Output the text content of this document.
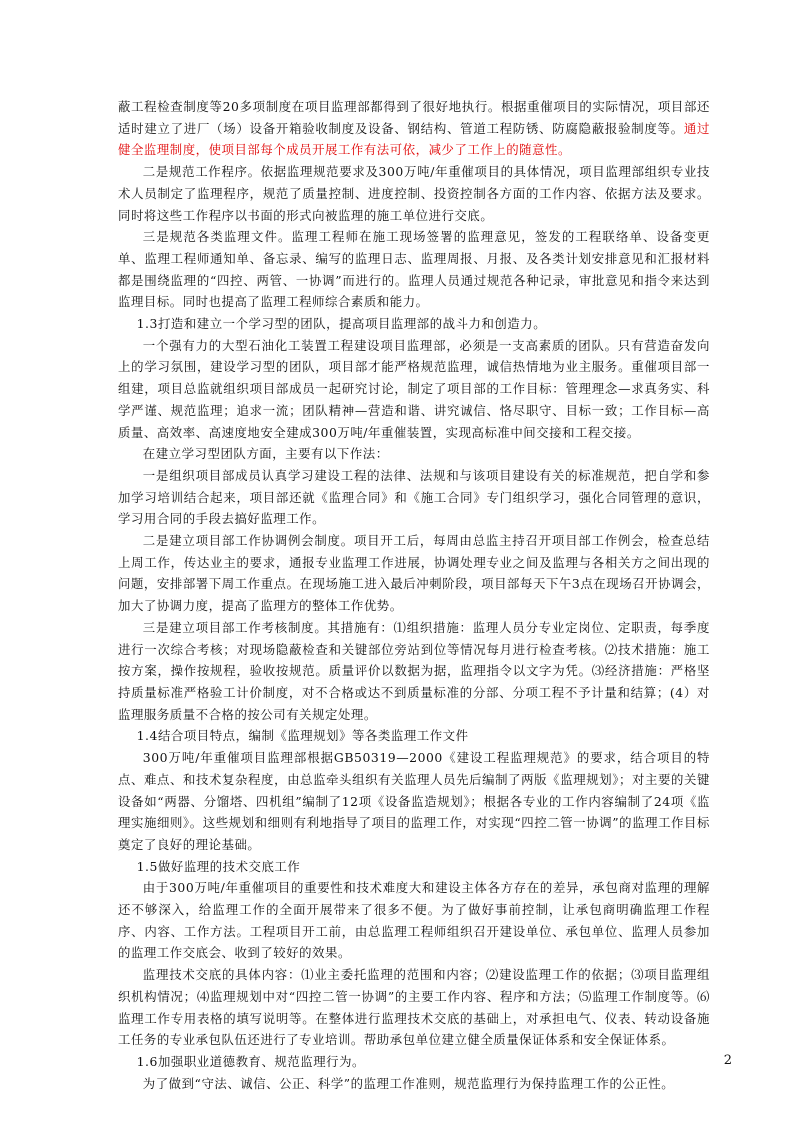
蔽工程检查制度等20多项制度在项目监理部都得到了很好地执行。根据重催项目的实际情况，项目部还适时建立了进厂（场）设备开箱验收制度及设备、钢结构、管道工程防锈、防腐隐蔽报验制度等。通过健全监理制度，使项目部每个成员开展工作有法可依，减少了工作上的随意性。

二是规范工作程序。依据监理规范要求及300万吨/年重催项目的具体情况，项目监理部组织专业技术人员制定了监理程序，规范了质量控制、进度控制、投资控制各方面的工作内容、依据方法及要求。同时将这些工作程序以书面的形式向被监理的施工单位进行交底。

三是规范各类监理文件。监理工程师在施工现场签署的监理意见，签发的工程联络单、设备变更单、监理工程师通知单、备忘录、编写的监理日志、监理周报、月报、及各类计划安排意见和汇报材料都是围绕监理的“四控、两管、一协调”而进行的。监理人员通过规范各种记录，审批意见和指令来达到监理目标。同时也提高了监理工程师综合素质和能力。

1.3打造和建立一个学习型的团队，提高项目监理部的战斗力和创造力。

一个强有力的大型石油化工装置工程建设项目监理部，必须是一支高素质的团队。只有营造奋发向上的学习氛围，建设学习型的团队，项目部才能严格规范监理，诚信热情地为业主服务。重催项目部一组建，项目总监就组织项目部成员一起研究讨论，制定了项目部的工作目标：管理理念—求真务实、科学严谨、规范监理；追求一流；团队精神—营造和谐、讲究诚信、恪尽职守、目标一致；工作目标—高质量、高效率、高速度地安全建成300万吨/年重催装置，实现高标准中间交接和工程交接。

在建立学习型团队方面，主要有以下作法：

一是组织项目部成员认真学习建设工程的法律、法规和与该项目建设有关的标准规范，把自学和参加学习培训结合起来，项目部还就《监理合同》和《施工合同》专门组织学习，强化合同管理的意识，学习用合同的手段去搞好监理工作。

二是建立项目部工作协调例会制度。项目开工后，每周由总监主持召开项目部工作例会，检查总结上周工作，传达业主的要求，通报专业监理工作进展，协调处理专业之间及监理与各相关方之间出现的问题，安排部署下周工作重点。在现场施工进入最后冲刺阶段，项目部每天下午3点在现场召开协调会，加大了协调力度，提高了监理方的整体工作优势。

三是建立项目部工作考核制度。其措施有：⑴组织措施：监理人员分专业定岗位、定职责，每季度进行一次综合考核；对现场隐蔽检查和关键部位旁站到位等情况每月进行检查考核。⑵技术措施：施工按方案，操作按规程，验收按规范。质量评价以数据为据，监理指令以文字为凭。⑶经济措施：严格坚持质量标准严格验工计价制度，对不合格或达不到质量标准的分部、分项工程不予计量和结算；(4）对监理服务质量不合格的按公司有关规定处理。

1.4结合项目特点，编制《监理规划》等各类监理工作文件

300万吨/年重催项目监理部根据GB50319—2000《建设工程监理规范》的要求，结合项目的特点、难点、和技术复杂程度，由总监牵头组织有关监理人员先后编制了两版《监理规划》；对主要的关键设备如“两器、分馏塔、四机组”编制了12项《设备监造规划》；根据各专业的工作内容编制了24项《监理实施细则》。这些规划和细则有利地指导了项目的监理工作，对实现“四控二管一协调”的监理工作目标奠定了良好的理论基础。

1.5做好监理的技术交底工作

由于300万吨/年重催项目的重要性和技术难度大和建设主体各方存在的差异，承包商对监理的理解还不够深入，给监理工作的全面开展带来了很多不便。为了做好事前控制，让承包商明确监理工作程序、内容、工作方法。工程项目开工前，由总监理工程师组织召开建设单位、承包单位、监理人员参加的监理工作交底会、收到了较好的效果。

监理技术交底的具体内容：⑴业主委托监理的范围和内容；⑵建设监理工作的依据；⑶项目监理组织机构情况；⑷监理规划中对“四控二管一协调”的主要工作内容、程序和方法；⑸监理工作制度等。⑹监理工作专用表格的填写说明等。在整体进行监理技术交底的基础上，对承担电气、仪表、转动设备施工任务的专业承包队伍还进行了专业培训。帮助承包单位建立健全质量保证体系和安全保证体系。

1.6加强职业道德教育、规范监理行为。

为了做到“守法、诚信、公正、科学”的监理工作准则，规范监理行为保持监理工作的公正性。

2
